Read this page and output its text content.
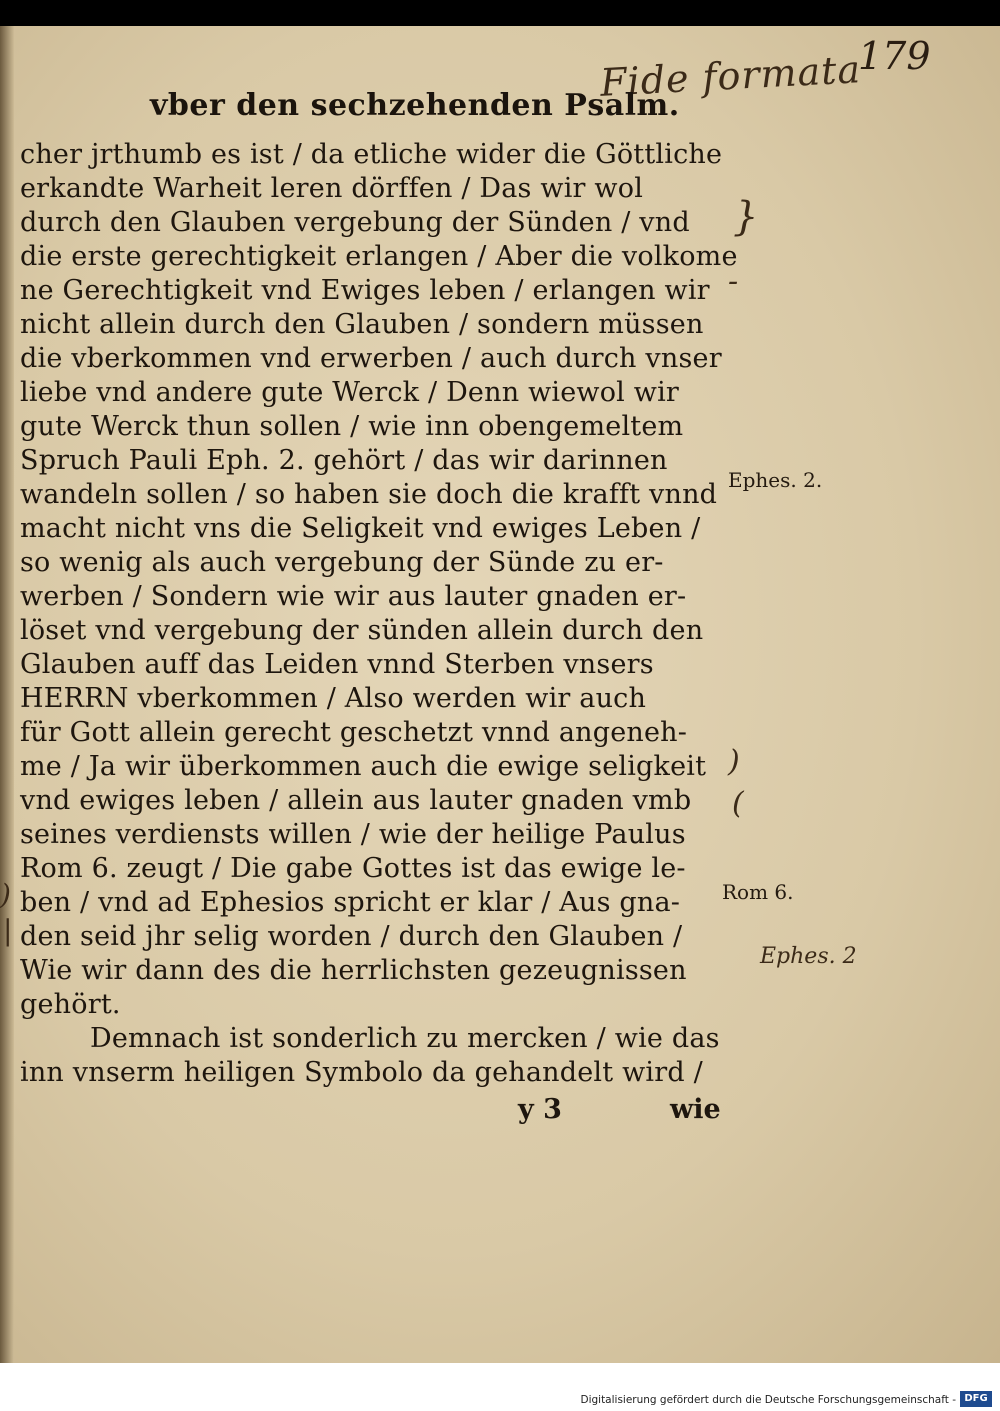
Fide formata
179
vber den sechzehenden Psalm.
cher jrthumb es ist / da etliche wider die Göttliche
erkandte Warheit leren dörffen / Das wir wol
durch den Glauben vergebung der Sünden / vnd
die erste gerechtigkeit erlangen / Aber die volkome
ne Gerechtigkeit vnd Ewiges leben / erlangen wir
nicht allein durch den Glauben / sondern müssen
die vberkommen vnd erwerben / auch durch vnser
liebe vnd andere gute Werck / Denn wiewol wir
gute Werck thun sollen / wie inn obengemeltem
Spruch Pauli Eph. 2. gehört / das wir darinnen
wandeln sollen / so haben sie doch die krafft vnnd
macht nicht vns die Seligkeit vnd ewiges Leben /
so wenig als auch vergebung der Sünde zu er-
werben / Sondern wie wir aus lauter gnaden er-
löset vnd vergebung der sünden allein durch den
Glauben auff das Leiden vnnd Sterben vnsers
HERRN vberkommen / Also werden wir auch
für Gott allein gerecht geschetzt vnnd angeneh-
me / Ja wir überkommen auch die ewige seligkeit
vnd ewiges leben / allein aus lauter gnaden vmb
seines verdiensts willen / wie der heilige Paulus
Rom 6. zeugt / Die gabe Gottes ist das ewige le-
ben / vnd ad Ephesios spricht er klar / Aus gna-
den seid jhr selig worden / durch den Glauben /
Wie wir dann des die herrlichsten gezeugnissen
gehört.
Demnach ist sonderlich zu mercken / wie das
inn vnserm heiligen Symbolo da gehandelt wird /
y 3	wie
Ephes. 2.
Rom 6.
Ephes. 2
}
-
)
(
)
|
Digitalisierung gefördert durch die Deutsche Forschungsgemeinschaft - DFG
